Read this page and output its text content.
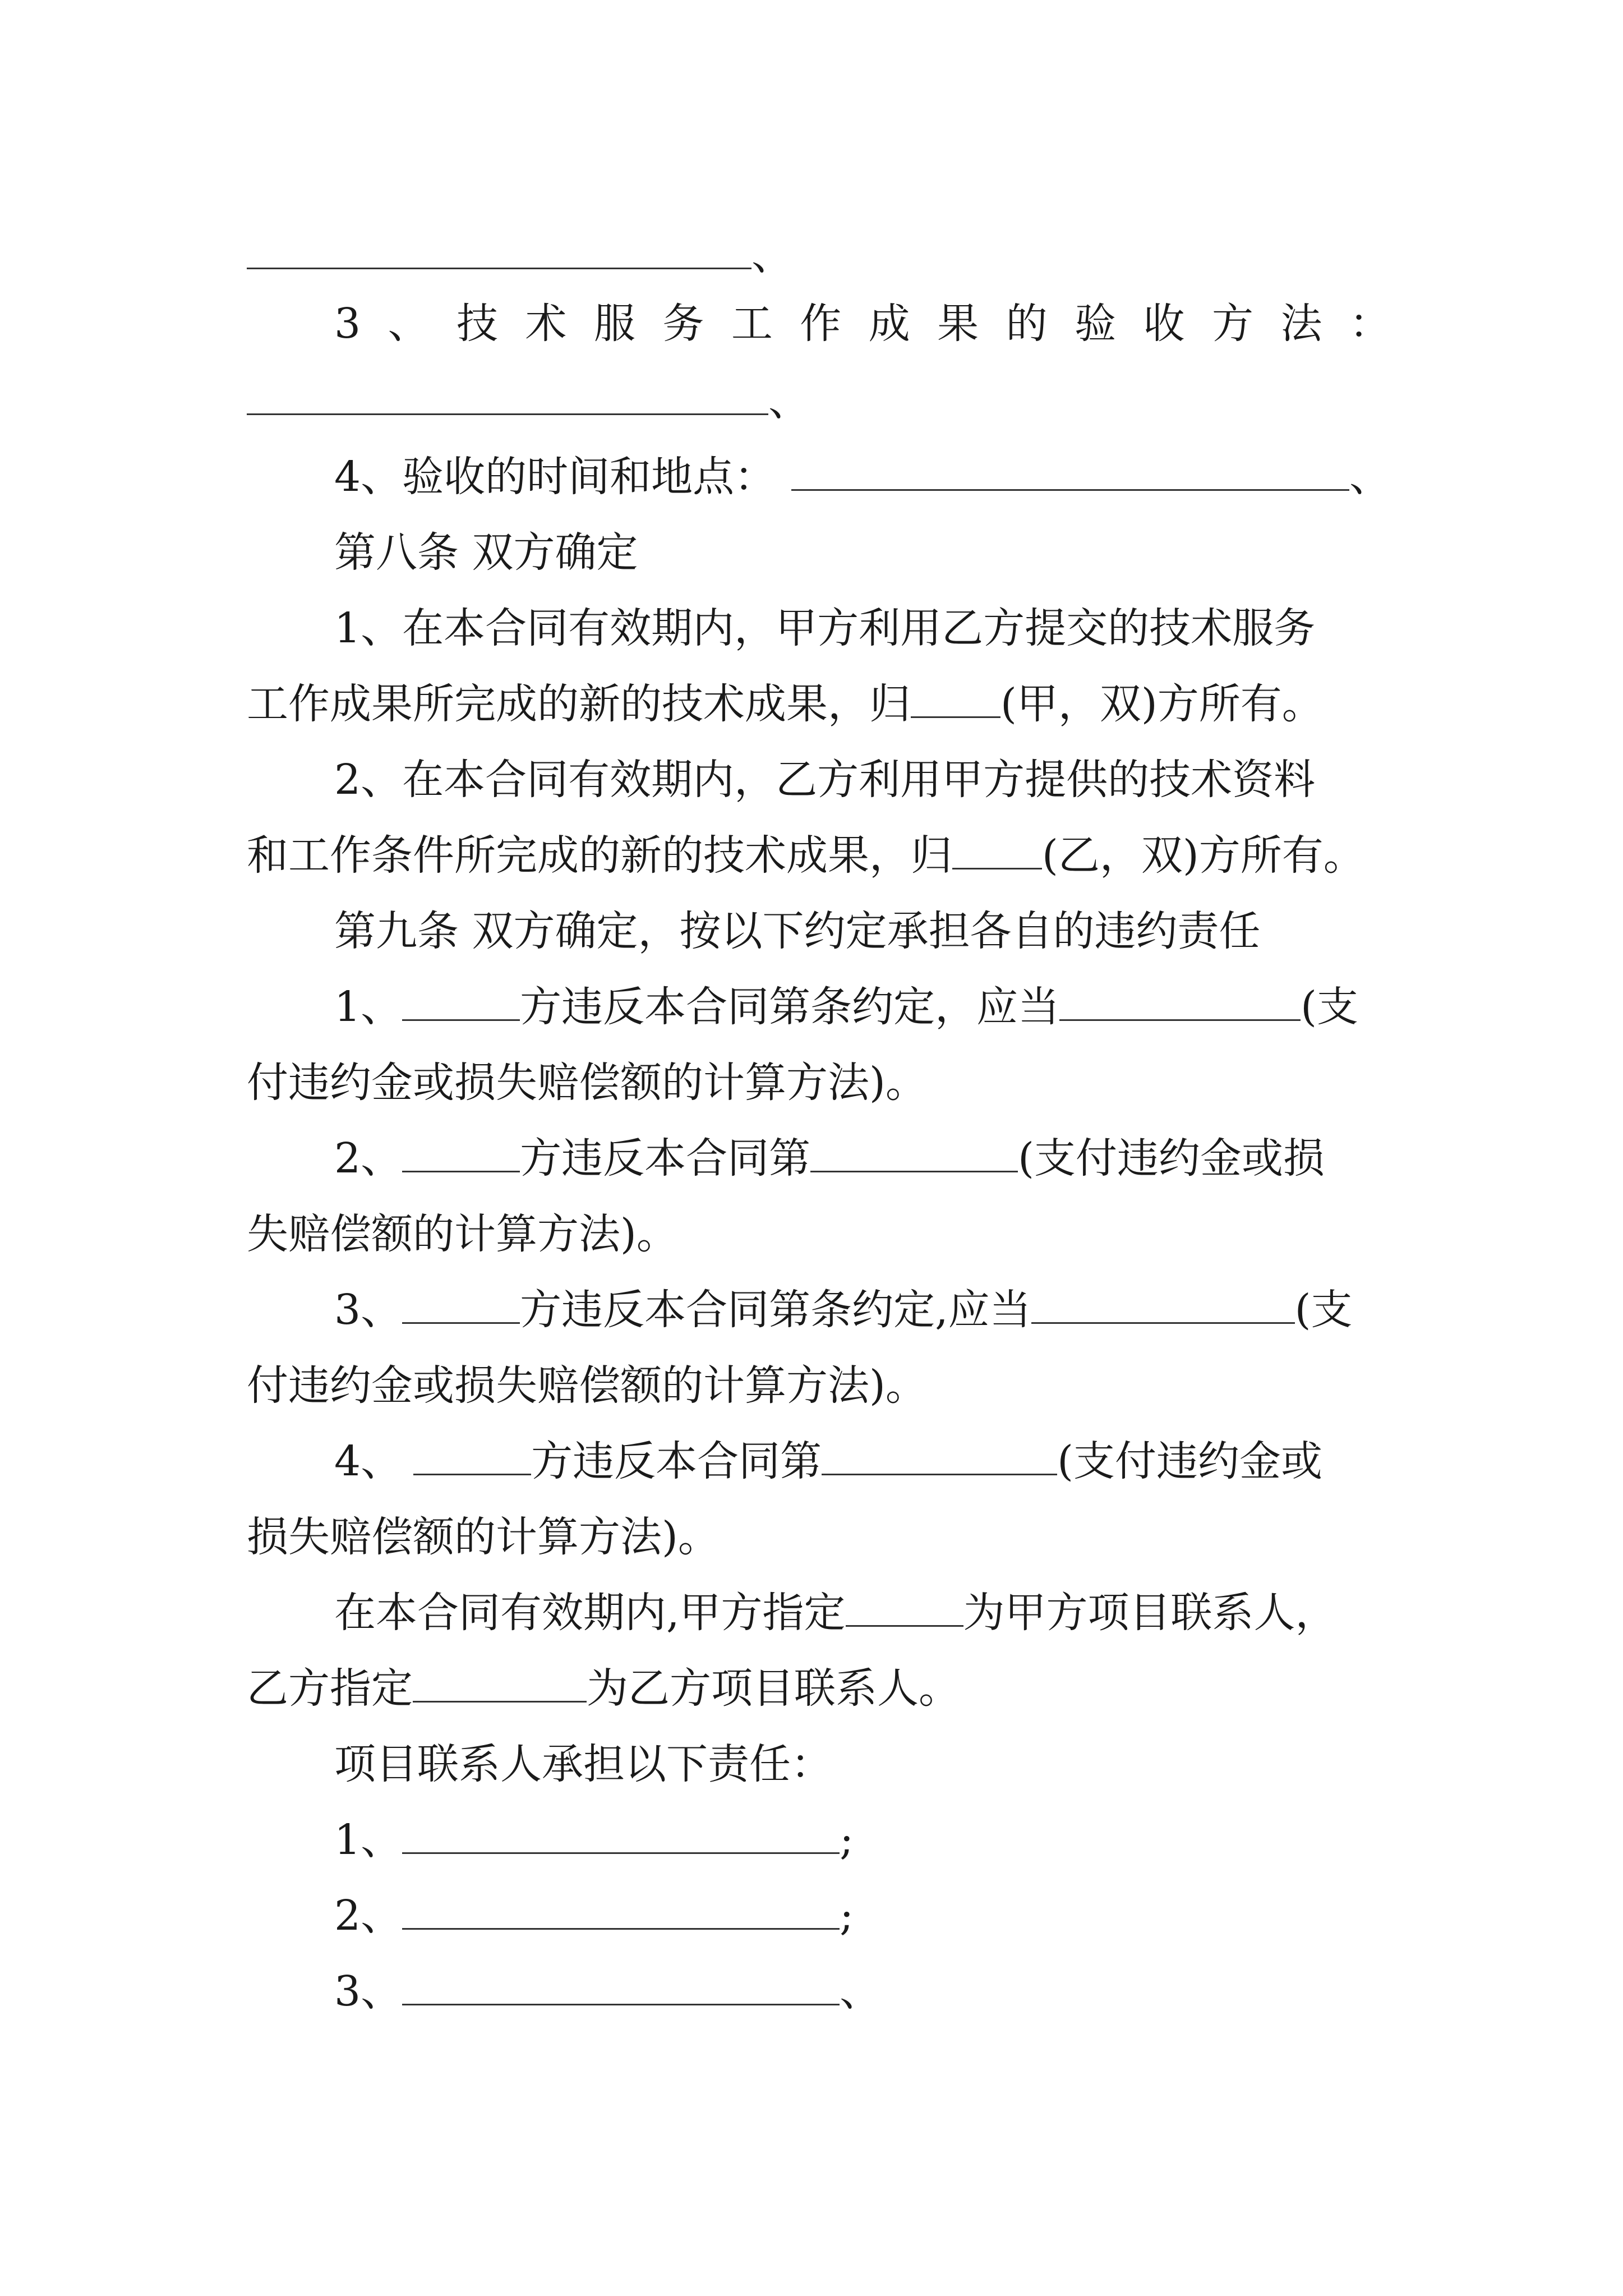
、
3 、 技 术 服 务 工 作 成 果 的 验 收 方 法 ：
、
4、验收的时间和地点：	、
第八条 双方确定
1、在本合同有效期内，甲方利用乙方提交的技术服务
工作成果所完成的新的技术成果，归 (甲，双)方所有。
2、在本合同有效期内，乙方利用甲方提供的技术资料
和工作条件所完成的新的技术成果，归 (乙，双)方所有。
第九条 双方确定，按以下约定承担各自的违约责任
1、	方违反本合同第条约定，应当	(支
付违约金或损失赔偿额的计算方法)。
2、	方违反本合同第	(支付违约金或损
失赔偿额的计算方法)。
3、	方违反本合同第条约定,应当	(支
付违约金或损失赔偿额的计算方法)。
4、	方违反本合同第	(支付违约金或
损失赔偿额的计算方法)。
在本合同有效期内,甲方指定	为甲方项目联系人，
乙方指定	为乙方项目联系人。
项目联系人承担以下责任：
1、	;
2、	;
3、	、
